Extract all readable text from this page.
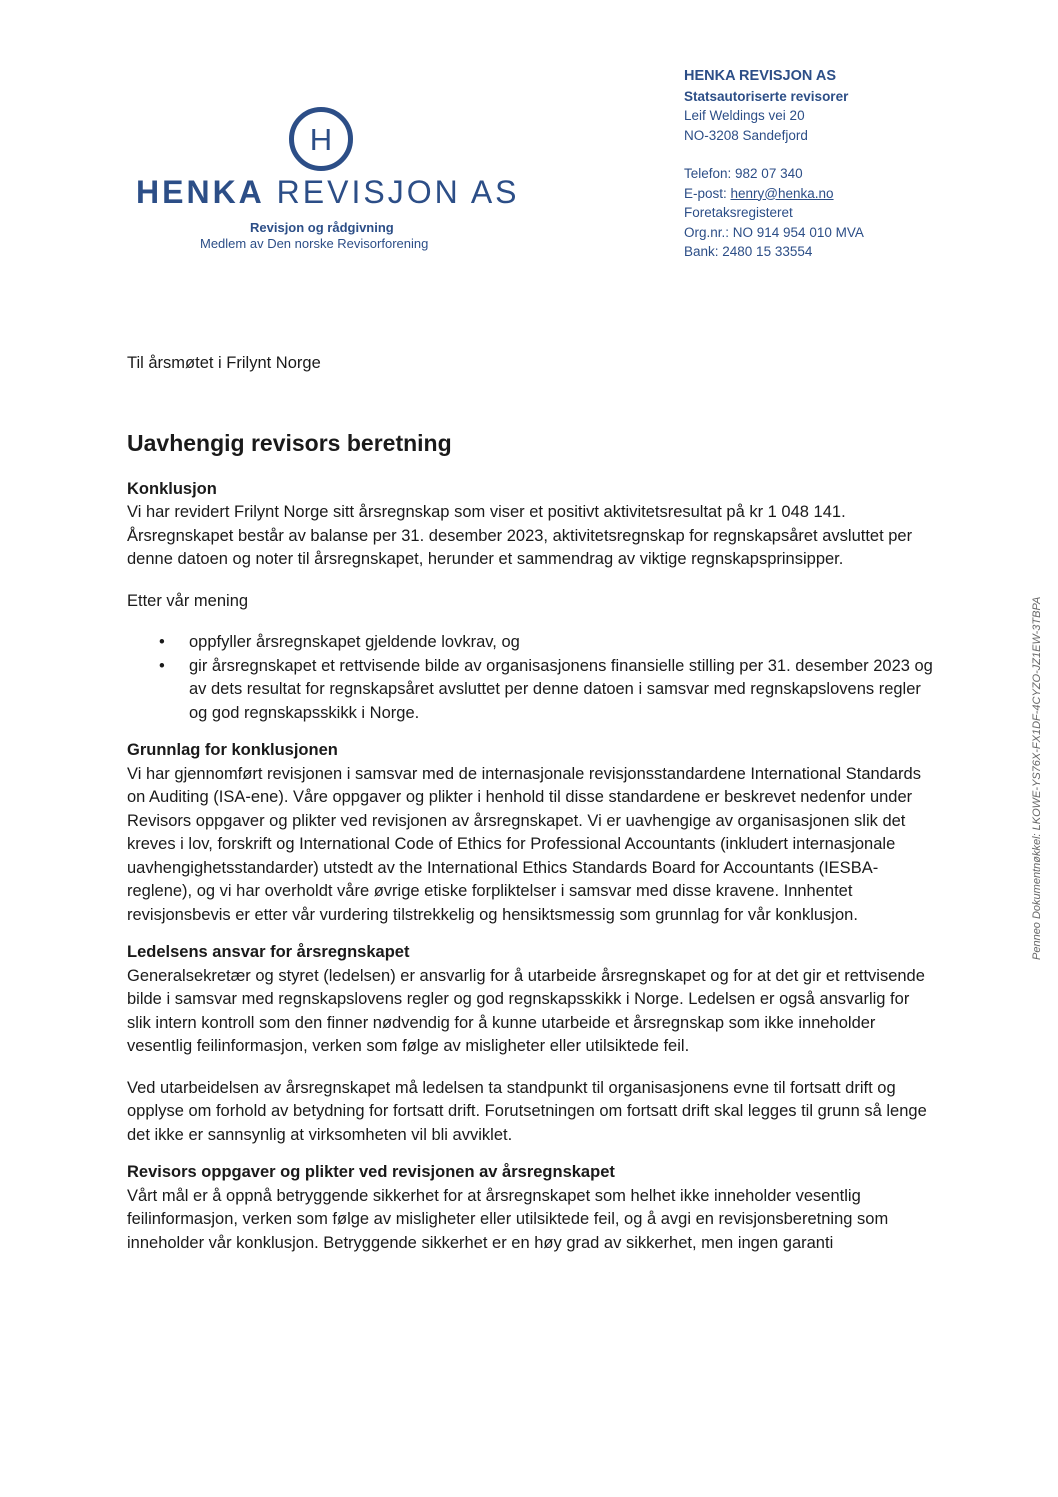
H
HENKA REVISJON AS
Revisjon og rådgivning
Medlem av Den norske Revisorforening
HENKA REVISJON AS
Statsautoriserte revisorer
Leif Weldings vei 20
NO-3208 Sandefjord
Telefon: 982 07 340
E-post: henry@henka.no
Foretaksregisteret
Org.nr.: NO 914 954 010 MVA
Bank: 2480 15 33554
Penneo Dokumentnøkkel: LKOWE-YS76X-FX1DF-4CYZO-JZ1EW-3TBPA

Til årsmøtet i Frilynt Norge

Uavhengig revisors beretning
Konklusjon

Vi har revidert Frilynt Norge sitt årsregnskap som viser et positivt aktivitetsresultat på kr 1 048 141. Årsregnskapet består av balanse per 31. desember 2023, aktivitetsregnskap for regnskapsåret avsluttet per denne datoen og noter til årsregnskapet, herunder et sammendrag av viktige regnskapsprinsipper.

Etter vår mening

• oppfyller årsregnskapet gjeldende lovkrav, og
• gir årsregnskapet et rettvisende bilde av organisasjonens finansielle stilling per 31. desember 2023 og av dets resultat for regnskapsåret avsluttet per denne datoen i samsvar med regnskapslovens regler og god regnskapsskikk i Norge.
Grunnlag for konklusjonen

Vi har gjennomført revisjonen i samsvar med de internasjonale revisjonsstandardene International Standards on Auditing (ISA-ene). Våre oppgaver og plikter i henhold til disse standardene er beskrevet nedenfor under Revisors oppgaver og plikter ved revisjonen av årsregnskapet. Vi er uavhengige av organisasjonen slik det kreves i lov, forskrift og International Code of Ethics for Professional Accountants (inkludert internasjonale uavhengighetsstandarder) utstedt av the International Ethics Standards Board for Accountants (IESBA-reglene), og vi har overholdt våre øvrige etiske forpliktelser i samsvar med disse kravene. Innhentet revisjonsbevis er etter vår vurdering tilstrekkelig og hensiktsmessig som grunnlag for vår konklusjon.

Ledelsens ansvar for årsregnskapet

Generalsekretær og styret (ledelsen) er ansvarlig for å utarbeide årsregnskapet og for at det gir et rettvisende bilde i samsvar med regnskapslovens regler og god regnskapsskikk i Norge. Ledelsen er også ansvarlig for slik intern kontroll som den finner nødvendig for å kunne utarbeide et årsregnskap som ikke inneholder vesentlig feilinformasjon, verken som følge av misligheter eller utilsiktede feil.

Ved utarbeidelsen av årsregnskapet må ledelsen ta standpunkt til organisasjonens evne til fortsatt drift og opplyse om forhold av betydning for fortsatt drift. Forutsetningen om fortsatt drift skal legges til grunn så lenge det ikke er sannsynlig at virksomheten vil bli avviklet.

Revisors oppgaver og plikter ved revisjonen av årsregnskapet

Vårt mål er å oppnå betryggende sikkerhet for at årsregnskapet som helhet ikke inneholder vesentlig feilinformasjon, verken som følge av misligheter eller utilsiktede feil, og å avgi en revisjonsberetning som inneholder vår konklusjon. Betryggende sikkerhet er en høy grad av sikkerhet, men ingen garanti
